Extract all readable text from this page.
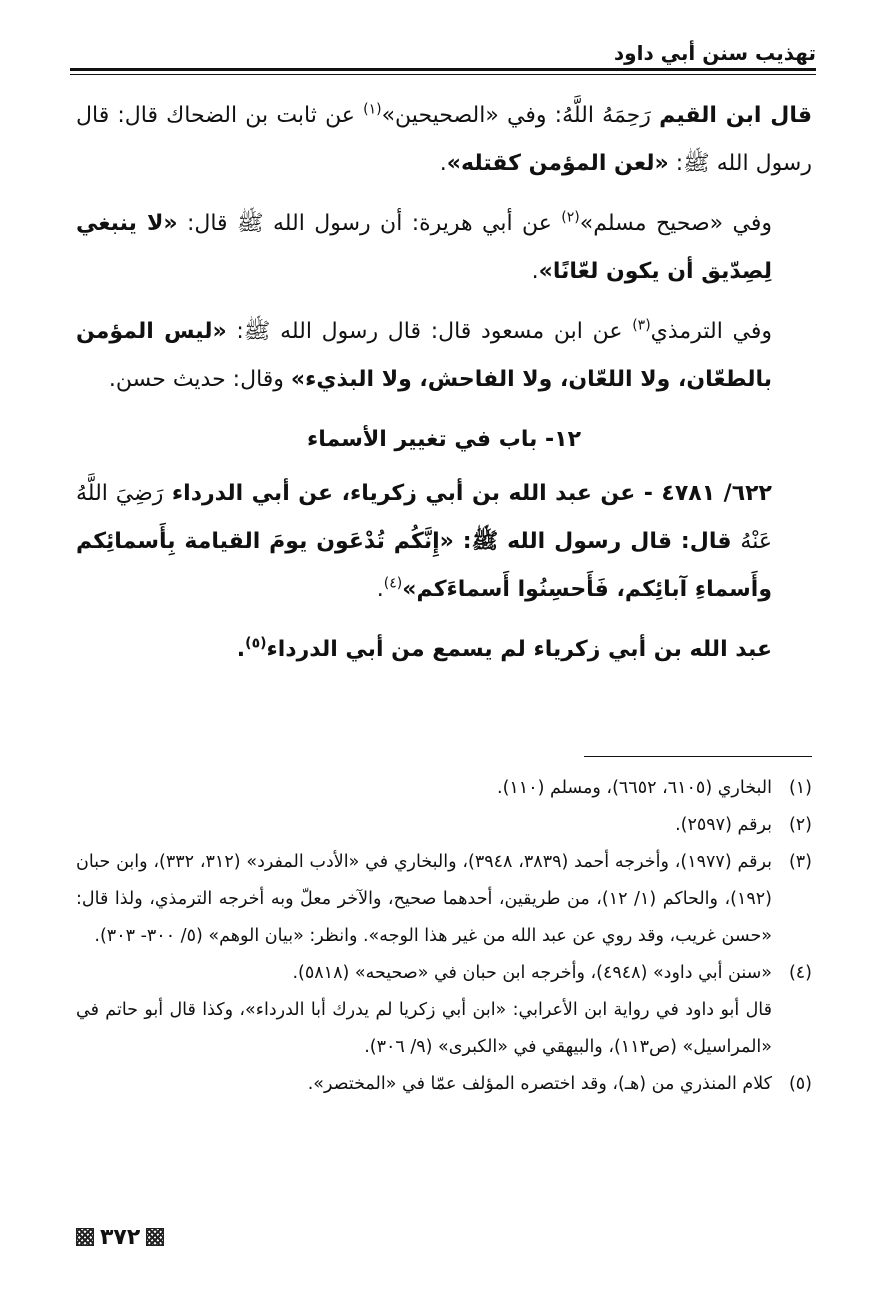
تهذيب سنن أبي داود

قال ابن القيم رَحِمَهُ اللَّهُ: وفي «الصحيحين»$^{(١)}$ عن ثابت بن الضحاك قال: قال رسول الله ﷺ: «لعن المؤمن كقتله».

وفي «صحيح مسلم»$^{(٢)}$ عن أبي هريرة: أن رسول الله ﷺ قال: «لا ينبغي لِصِدّيق أن يكون لعّانًا».

وفي الترمذي$^{(٣)}$ عن ابن مسعود قال: قال رسول الله ﷺ: «ليس المؤمن بالطعّان، ولا اللعّان، ولا الفاحش، ولا البذيء» وقال: حديث حسن.

١٢- باب في تغيير الأسماء

٦٢٢/ ٤٧٨١ - عن عبد الله بن أبي زكرياء، عن أبي الدرداء رَضِيَ اللَّهُ عَنْهُ قال: قال رسول الله ﷺ: «إِنَّكُم تُدْعَون يومَ القيامة بِأَسمائِكم وأَسماءِ آبائِكم، فَأَحسِنُوا أَسماءَكم»$^{(٤)}$.

عبد الله بن أبي زكرياء لم يسمع من أبي الدرداء$^{(٥)}$.

(١)
البخاري (٦١٠٥، ٦٦٥٢)، ومسلم (١١٠).
(٢)
برقم (٢٥٩٧).
(٣)
برقم (١٩٧٧)، وأخرجه أحمد (٣٨٣٩، ٣٩٤٨)، والبخاري في «الأدب المفرد» (٣١٢، ٣٣٢)، وابن حبان (١٩٢)، والحاكم (١/ ١٢)، من طريقين، أحدهما صحيح، والآخر معلّ وبه أخرجه الترمذي، ولذا قال: «حسن غريب، وقد روي عن عبد الله من غير هذا الوجه». وانظر: «بيان الوهم» (٥/ ٣٠٠- ٣٠٣).
(٤)
«سنن أبي داود» (٤٩٤٨)، وأخرجه ابن حبان في «صحيحه» (٥٨١٨).
قال أبو داود في رواية ابن الأعرابي: «ابن أبي زكريا لم يدرك أبا الدرداء»، وكذا قال أبو حاتم في «المراسيل» (ص١١٣)، والبيهقي في «الكبرى» (٩/ ٣٠٦).
(٥)
كلام المنذري من (هـ)، وقد اختصره المؤلف عمّا في «المختصر».
٣٧٢
